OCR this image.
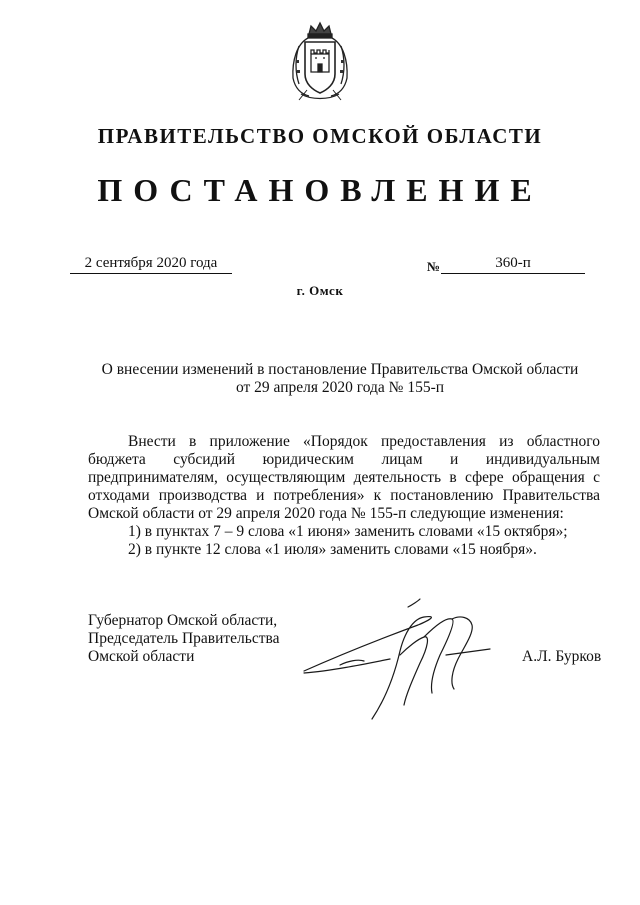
ПРАВИТЕЛЬСТВО ОМСКОЙ ОБЛАСТИ
ПОСТАНОВЛЕНИЕ
2 сентября 2020 года	№	360-п
г. Омск
О внесении изменений в постановление Правительства Омской области
от 29 апреля 2020 года № 155-п
Внести в приложение «Порядок предоставления из областного
бюджета субсидий юридическим лицам и индивидуальным
предпринимателям, осуществляющим деятельность в сфере обращения с
отходами производства и потребления» к постановлению Правительства
Омской области от 29 апреля 2020 года № 155-п следующие изменения:
1) в пунктах 7 – 9 слова «1 июня» заменить словами «15 октября»;
2) в пункте 12 слова «1 июля» заменить словами «15 ноября».
Губернатор Омской области,
Председатель Правительства
Омской области	А.Л. Бурков
